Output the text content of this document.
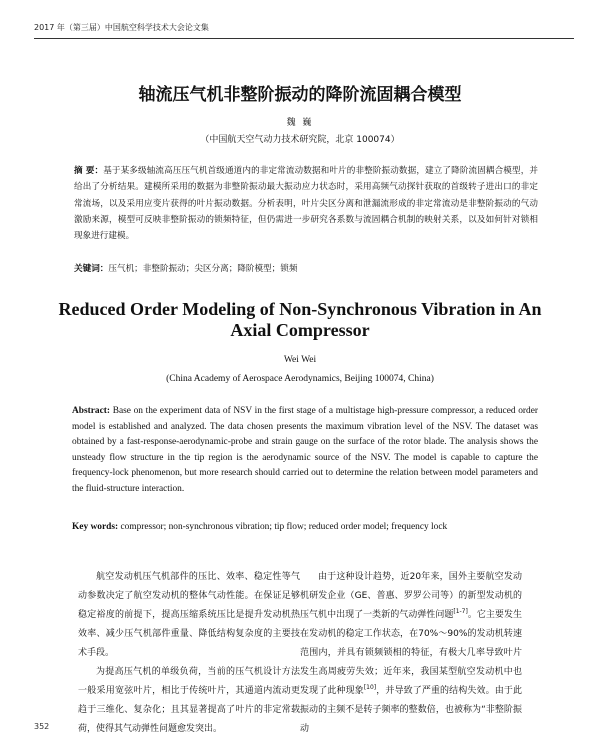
2017 年（第三届）中国航空科学技术大会论文集
轴流压气机非整阶振动的降阶流固耦合模型
魏 巍
（中国航天空气动力技术研究院，北京 100074）
摘 要：基于某多级轴流高压压气机首级通道内的非定常流动数据和叶片的非整阶振动数据，建立了降阶流固耦合模型，并给出了分析结果。建模所采用的数据为非整阶振动最大振动应力状态时，采用高频气动探针获取的首级转子进出口的非定常流场，以及采用应变片获得的叶片振动数据。分析表明，叶片尖区分离和泄漏流形成的非定常流动是非整阶振动的气动激励来源，模型可反映非整阶振动的锁频特征，但仍需进一步研究各系数与流固耦合机制的映射关系，以及如何针对锁相现象进行建模。
关键词：压气机；非整阶振动；尖区分离；降阶模型；锁频
Reduced Order Modeling of Non-Synchronous Vibration in An Axial Compressor
Wei Wei
(China Academy of Aerospace Aerodynamics, Beijing 100074, China)
Abstract: Base on the experiment data of NSV in the first stage of a multistage high-pressure compressor, a reduced order model is established and analyzed. The data chosen presents the maximum vibration level of the NSV. The dataset was obtained by a fast-response-aerodynamic-probe and strain gauge on the surface of the rotor blade. The analysis shows the unsteady flow structure in the tip region is the aerodynamic source of the NSV. The model is capable to capture the frequency-lock phenomenon, but more research should carried out to determine the relation between model parameters and the fluid-structure interaction.
Key words: compressor; non-synchronous vibration; tip flow; reduced order model; frequency lock

航空发动机压气机部件的压比、效率、稳定性等气动参数决定了航空发动机的整体气动性能。在保证足够稳定裕度的前提下，提高压缩系统压比是提升发动机热效率、减少压气机部件重量、降低结构复杂度的主要技术手段。

为提高压气机的单级负荷，当前的压气机设计方法一般采用宽弦叶片，相比于传统叶片，其通道内流动更趋于三维化、复杂化；且其显著提高了叶片的非定常载荷，使得其气动弹性问题愈发突出。

由于这种设计趋势，近20年来，国外主要航空发动机研发企业（GE、普惠、罗罗公司等）的新型发动机的压气机中出现了一类新的气动弹性问题[1-7]。它主要发生在发动机的稳定工作状态，在70%～90%的发动机转速范围内，并具有锁频锁相的特征，有极大几率导致叶片发生高周疲劳失效；近年来，我国某型航空发动机中也发现了此种现象[10]，并导致了严重的结构失效。由于此振动的主频不是转子频率的整数倍，也被称为“非整阶振动

352
